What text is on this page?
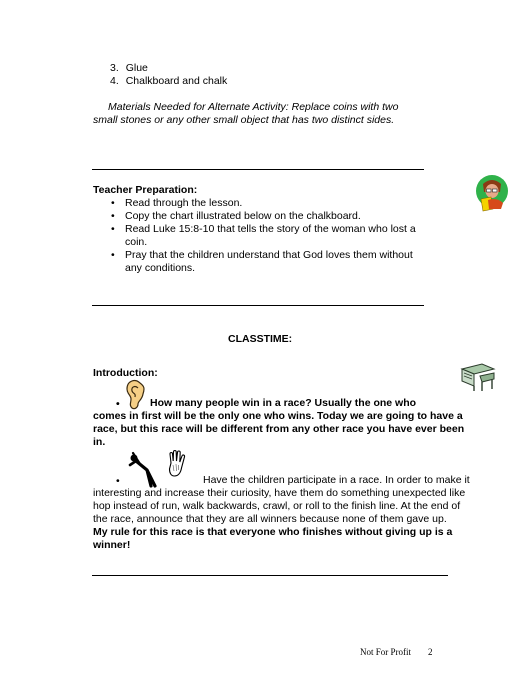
3. Glue
4. Chalkboard and chalk
Materials Needed for Alternate Activity: Replace coins with two
small stones or any other small object that has two distinct sides.
Teacher Preparation:
• Read through the lesson.
• Copy the chart illustrated below on the chalkboard.
• Read Luke 15:8-10 that tells the story of the woman who lost a
coin.
• Pray that the children understand that God loves them without
any conditions.
CLASSTIME:
Introduction:
•	How many people win in a race? Usually the one who
comes in first will be the only one who wins. Today we are going to have a
race, but this race will be different from any other race you have ever been
in.
•	Have the children participate in a race. In order to make it
interesting and increase their curiosity, have them do something unexpected like
hop instead of run, walk backwards, crawl, or roll to the finish line. At the end of
the race, announce that they are all winners because none of them gave up.
My rule for this race is that everyone who finishes without giving up is a
winner!
Not For Profit 2
